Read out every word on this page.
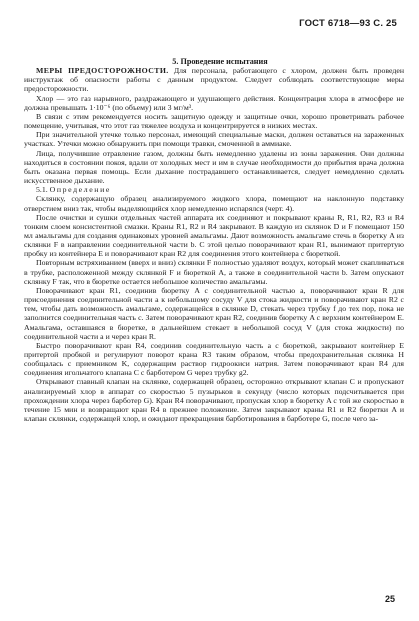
ГОСТ 6718—93 С. 25

5. Проведение испытания

МЕРЫ ПРЕДОСТОРОЖНОСТИ. Для персонала, работающего с хлором, должен быть проведен инструктаж об опасности работы с данным продуктом. Следует соблюдать соответствующие меры предосторожности.

Хлор — это газ нарывного, раздражающего и удушающего действия. Концентрация хлора в атмосфере не должна превышать 1·10⁻⁶ (по объему) или 3 мг/м³.

В связи с этим рекомендуется носить защитную одежду и защитные очки, хорошо проветривать рабочее помещение, учитывая, что этот газ тяжелее воздуха и концентрируется в низких местах.

При значительной утечке только персонал, имеющий специальные маски, должен оставаться на зараженных участках. Утечки можно обнаружить при помощи травки, смоченной в аммиаке.

Лица, получившие отравление газом, должны быть немедленно удалены из зоны заражения. Они должны находиться в состоянии покоя, вдали от холодных мест и им в случае необходимости до прибытия врача должна быть оказана первая помощь. Если дыхание пострадавшего останавливается, следует немедленно сделать искусственное дыхание.

5.1. Определение

Склянку, содержащую образец анализируемого жидкого хлора, помещают на наклонную подставку отверстием вниз так, чтобы выделяющийся хлор немедленно испарялся (черт. 4).

После очистки и сушки отдельных частей аппарата их соединяют и покрывают краны R, R1, R2, R3 и R4 тонким слоем консистентной смазки. Краны R1, R2 и R4 закрывают. В каждую из склянок D и F помещают 150 мл амальгамы для создания одинаковых уровней амальгамы. Дают возможность амальгаме стечь в бюретку A из склянки F в направлении соединительной части b. С этой целью поворачивают кран R1, вынимают притертую пробку из контейнера E и поворачивают кран R2 для соединения этого контейнера с бюреткой.

Повторным встряхиванием (вверх и вниз) склянки F полностью удаляют воздух, который может скапливаться в трубке, расположенной между склянкой F и бюреткой A, а также в соединительной части b. Затем опускают склянку F так, что в бюретке остается небольшое количество амальгамы.

Поворачивают кран R1, соединив бюретку A с соединительной частью a, поворачивают кран R для присоединения соединительной части a к небольшому сосуду V для стока жидкости и поворачивают кран R2 с тем, чтобы дать возможность амальгаме, содержащейся в склянке D, стекать через трубку f до тех пор, пока не заполнится соединительная часть c. Затем поворачивают кран R2, соединив бюретку A с верхним контейнером E. Амальгама, оставшаяся в бюретке, в дальнейшем стекает в небольшой сосуд V (для стока жидкости) по соединительной части a и через кран R.

Быстро поворачивают кран R4, соединив соединительную часть a с бюреткой, закрывают контейнер E притертой пробкой и регулируют поворот крана R3 таким образом, чтобы предохранительная склянка H сообщалась с приемником K, содержащим раствор гидроокиси натрия. Затем поворачивают кран R4 для соединения игольчатого клапана C с барботером G через трубку g2.

Открывают главный клапан на склянке, содержащей образец, осторожно открывают клапан C и пропускают анализируемый хлор в аппарат со скоростью 5 пузырьков в секунду (число которых подсчитывается при прохождении хлора через барботер G). Кран R4 поворачивают, пропуская хлор в бюретку A с той же скоростью в течение 15 мин и возвращают кран R4 в прежнее положение. Затем закрывают краны R1 и R2 бюретки A и клапан склянки, содержащей хлор, и ожидают прекращения барботирования в барботере G, после чего за-

25
